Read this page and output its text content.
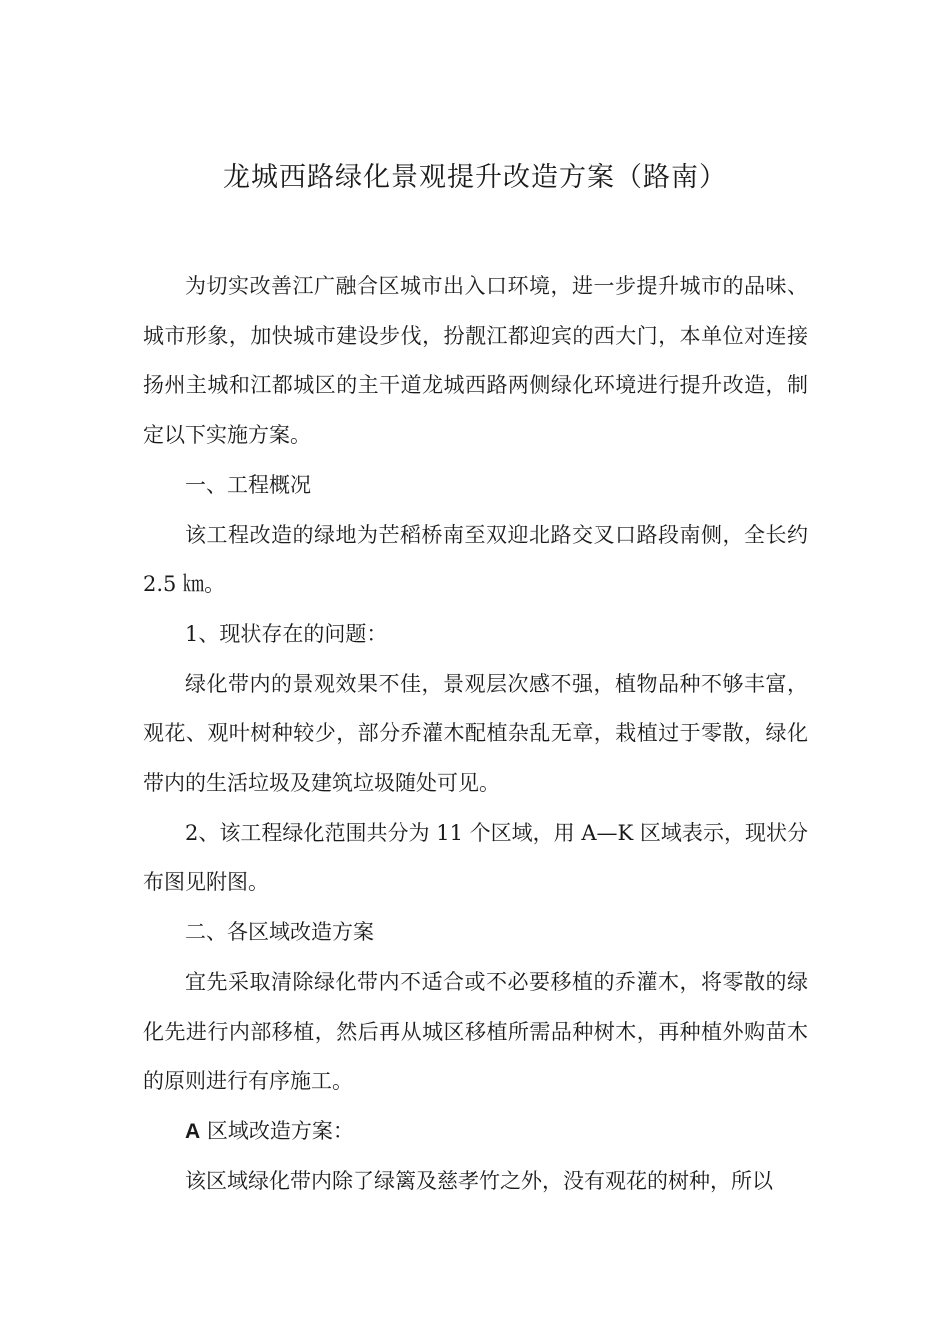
龙城西路绿化景观提升改造方案（路南）

为切实改善江广融合区城市出入口环境，进一步提升城市的品味、城市形象，加快城市建设步伐，扮靓江都迎宾的西大门，本单位对连接扬州主城和江都城区的主干道龙城西路两侧绿化环境进行提升改造，制定以下实施方案。

一、工程概况

该工程改造的绿地为芒稻桥南至双迎北路交叉口路段南侧，全长约 2.5 ㎞。

1、现状存在的问题：

绿化带内的景观效果不佳，景观层次感不强，植物品种不够丰富，观花、观叶树种较少，部分乔灌木配植杂乱无章，栽植过于零散，绿化带内的生活垃圾及建筑垃圾随处可见。

2、该工程绿化范围共分为 11 个区域，用 A—K 区域表示，现状分布图见附图。

二、各区域改造方案

宜先采取清除绿化带内不适合或不必要移植的乔灌木，将零散的绿化先进行内部移植，然后再从城区移植所需品种树木，再种植外购苗木的原则进行有序施工。

A 区域改造方案：

该区域绿化带内除了绿篱及慈孝竹之外，没有观花的树种，所以
